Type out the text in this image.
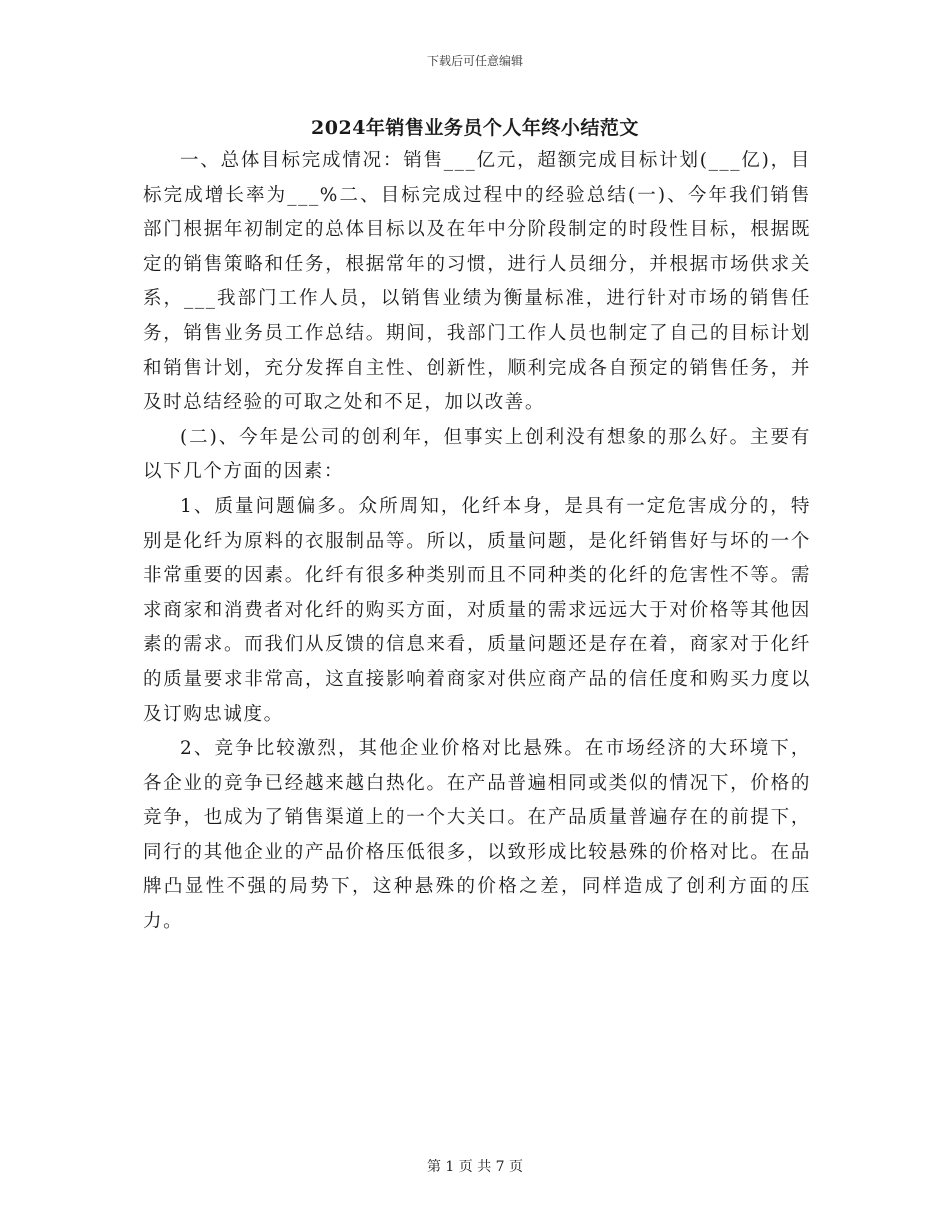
下载后可任意编辑
2024年销售业务员个人年终小结范文

一、总体目标完成情况：销售___亿元，超额完成目标计划(___亿)，目标完成增长率为___%二、目标完成过程中的经验总结(一)、今年我们销售部门根据年初制定的总体目标以及在年中分阶段制定的时段性目标，根据既定的销售策略和任务，根据常年的习惯，进行人员细分，并根据市场供求关系，___我部门工作人员，以销售业绩为衡量标准，进行针对市场的销售任务，销售业务员工作总结。期间，我部门工作人员也制定了自己的目标计划和销售计划，充分发挥自主性、创新性，顺利完成各自预定的销售任务，并及时总结经验的可取之处和不足，加以改善。

(二)、今年是公司的创利年，但事实上创利没有想象的那么好。主要有以下几个方面的因素：

1、质量问题偏多。众所周知，化纤本身，是具有一定危害成分的，特别是化纤为原料的衣服制品等。所以，质量问题，是化纤销售好与坏的一个非常重要的因素。化纤有很多种类别而且不同种类的化纤的危害性不等。需求商家和消费者对化纤的购买方面，对质量的需求远远大于对价格等其他因素的需求。而我们从反馈的信息来看，质量问题还是存在着，商家对于化纤的质量要求非常高，这直接影响着商家对供应商产品的信任度和购买力度以及订购忠诚度。

2、竞争比较激烈，其他企业价格对比悬殊。在市场经济的大环境下，各企业的竞争已经越来越白热化。在产品普遍相同或类似的情况下，价格的竞争，也成为了销售渠道上的一个大关口。在产品质量普遍存在的前提下，同行的其他企业的产品价格压低很多，以致形成比较悬殊的价格对比。在品牌凸显性不强的局势下，这种悬殊的价格之差，同样造成了创利方面的压力。

第 1 页 共 7 页
